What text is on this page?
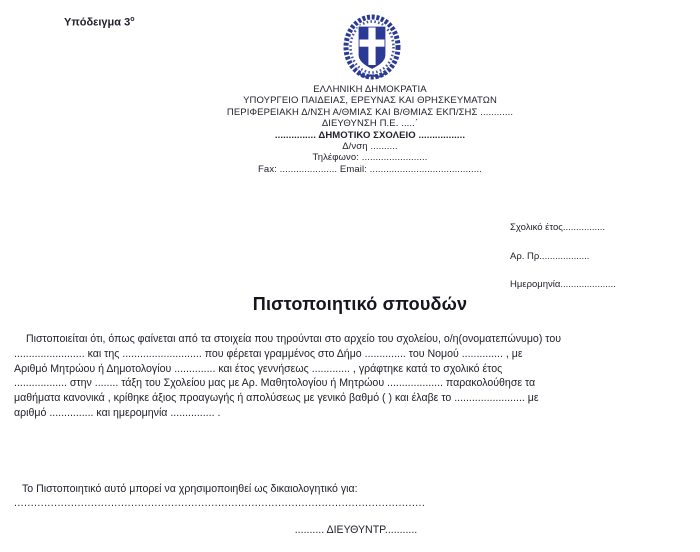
Υπόδειγμα $3^o$
ΕΛΛΗΝΙΚΗ ΔΗΜΟΚΡΑΤΙΑ
ΥΠΟΥΡΓΕΙΟ ΠΑΙΔΕΙΑΣ, ΕΡΕΥΝΑΣ ΚΑΙ ΘΡΗΣΚΕΥΜΑΤΩΝ
ΠΕΡΙΦΕΡΕΙΑΚΗ Δ/ΝΣΗ Α/ΘΜΙΑΣ ΚΑΙ Β/ΘΜΙΑΣ ΕΚΠ/ΣΗΣ ............
ΔΙΕΥΘΥΝΣΗ Π.Ε. .....΄
............... ΔΗΜΟΤΙΚΟ ΣΧΟΛΕΙΟ .................
Δ/νση ..........
Τηλέφωνο: ........................
Fax: ..................... Email: .........................................
Σχολικό έτος................
Αρ. Πρ...................
Ημερομηνία.....................
Πιστοποιητικό σπουδών
Πιστοποιείται ότι, όπως φαίνεται από τα στοιχεία που τηρούνται στο αρχείο του σχολείου, ο/η(ονοματεπώνυμο) του
........................ και της ........................... που φέρεται γραμμένος στο Δήμο .............. του Νομού .............. , με
Αριθμό Μητρώου ή Δημοτολογίου .............. και έτος γεννήσεως ............. , γράφτηκε κατά το σχολικό έτος
.................. στην ........ τάξη του Σχολείου μας με Αρ. Μαθητολογίου ή Μητρώου ................... παρακολούθησε τα
μαθήματα κανονικά , κρίθηκε άξιος προαγωγής ή απολύσεως με γενικό βαθμό ( ) και έλαβε το ........................ με
αριθμό ............... και ημερομηνία ............... .
Το Πιστοποιητικό αυτό μπορεί να χρησιμοποιηθεί ως δικαιολογητικό για:
...........................................................................................................................
.......... ΔΙΕΥΘΥΝΤΡ...........
